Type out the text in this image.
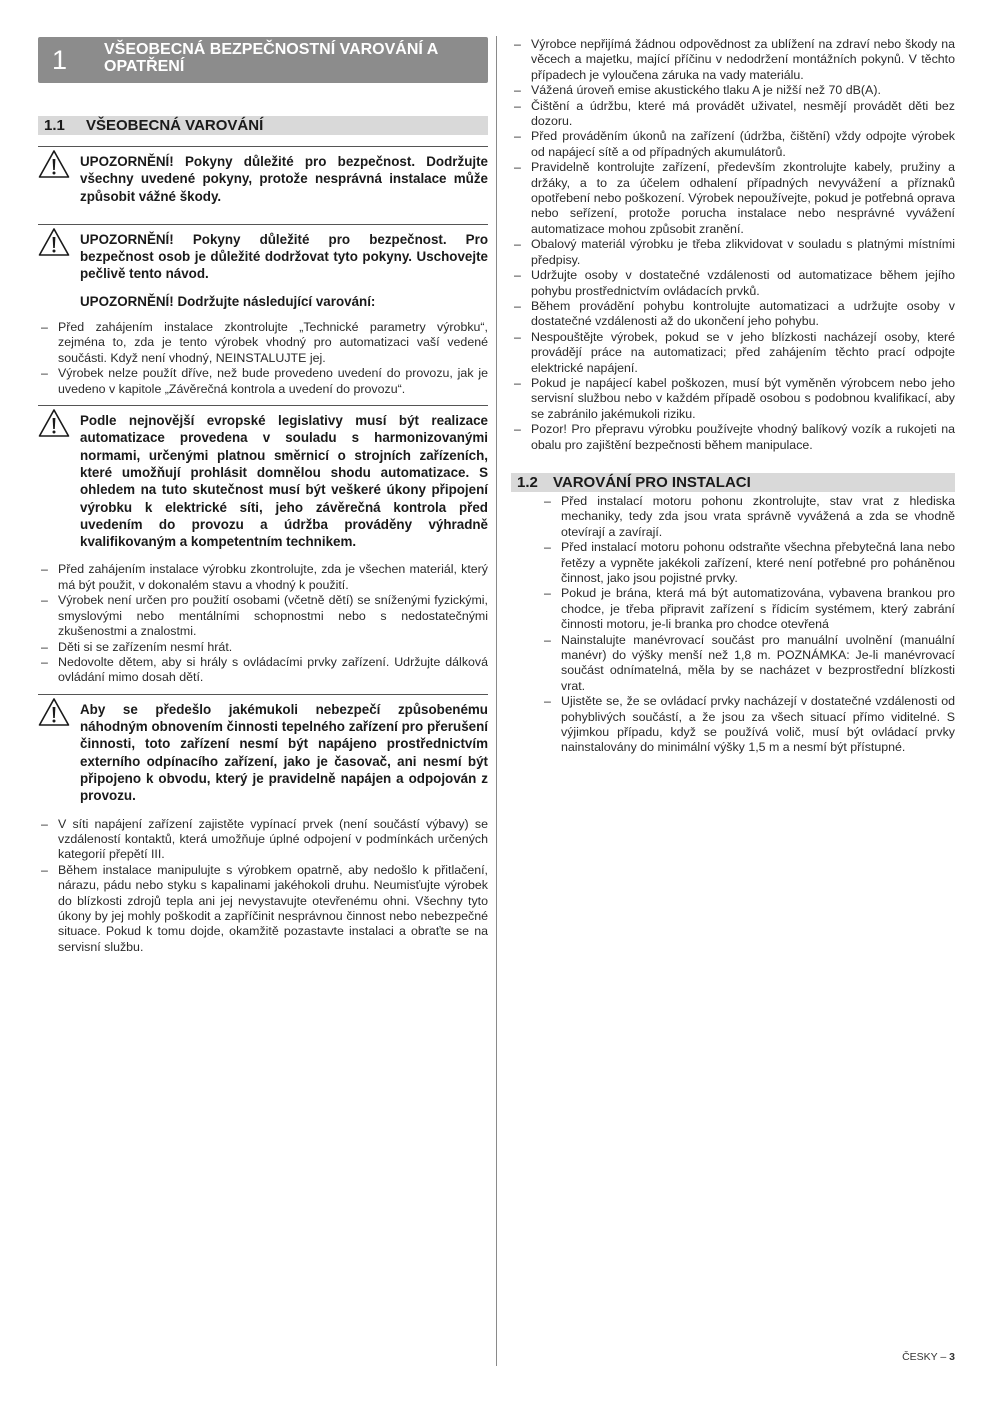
1 VŠEOBECNÁ BEZPEČNOSTNÍ VAROVÁNÍ A OPATŘENÍ
1.1 VŠEOBECNÁ VAROVÁNÍ

UPOZORNĚNÍ! Pokyny důležité pro bezpečnost. Dodržujte všechny uvedené pokyny, protože nesprávná instalace může způsobit vážné škody.

UPOZORNĚNÍ! Pokyny důležité pro bezpečnost. Pro bezpečnost osob je důležité dodržovat tyto pokyny. Uschovejte pečlivě tento návod.

UPOZORNĚNÍ! Dodržujte následující varování:

– Před zahájením instalace zkontrolujte „Technické parametry výrobku“, zejména to, zda je tento výrobek vhodný pro automatizaci vaší vedené součásti. Když není vhodný, NEINSTALUJTE jej.
– Výrobek nelze použít dříve, než bude provedeno uvedení do provozu, jak je uvedeno v kapitole „Závěrečná kontrola a uvedení do provozu“.

Podle nejnovější evropské legislativy musí být realizace automatizace provedena v souladu s harmonizovanými normami, určenými platnou směrnicí o strojních zařízeních, které umožňují prohlásit domnělou shodu automatizace. S ohledem na tuto skutečnost musí být veškeré úkony připojení výrobku k elektrické síti, jeho závěrečná kontrola před uvedením do provozu a údržba prováděny výhradně kvalifikovaným a kompetentním technikem.

– Před zahájením instalace výrobku zkontrolujte, zda je všechen materiál, který má být použit, v dokonalém stavu a vhodný k použití.
– Výrobek není určen pro použití osobami (včetně dětí) se sníženými fyzickými, smyslovými nebo mentálními schopnostmi nebo s nedostatečnými zkušenostmi a znalostmi.
– Děti si se zařízením nesmí hrát.
– Nedovolte dětem, aby si hrály s ovládacími prvky zařízení. Udržujte dálková ovládání mimo dosah dětí.

Aby se předešlo jakémukoli nebezpečí způsobenému náhodným obnovením činnosti tepelného zařízení pro přerušení činnosti, toto zařízení nesmí být napájeno prostřednictvím externího odpínacího zařízení, jako je časovač, ani nesmí být připojeno k obvodu, který je pravidelně napájen a odpojován z provozu.

– V síti napájení zařízení zajistěte vypínací prvek (není součástí výbavy) se vzdáleností kontaktů, která umožňuje úplné odpojení v podmínkách určených kategorií přepětí III.
– Během instalace manipulujte s výrobkem opatrně, aby nedošlo k přitlačení, nárazu, pádu nebo styku s kapalinami jakéhokoli druhu. Neumisťujte výrobek do blízkosti zdrojů tepla ani jej nevystavujte otevřenému ohni. Všechny tyto úkony by jej mohly poškodit a zapříčinit nesprávnou činnost nebo nebezpečné situace. Pokud k tomu dojde, okamžitě pozastavte instalaci a obraťte se na servisní službu.
– Výrobce nepřijímá žádnou odpovědnost za ublížení na zdraví nebo škody na věcech a majetku, mající příčinu v nedodržení montážních pokynů. V těchto případech je vyloučena záruka na vady materiálu.
– Vážená úroveň emise akustického tlaku A je nižší než 70 dB(A).
– Čištění a údržbu, které má provádět uživatel, nesmějí provádět děti bez dozoru.
– Před prováděním úkonů na zařízení (údržba, čištění) vždy odpojte výrobek od napájecí sítě a od případných akumulátorů.
– Pravidelně kontrolujte zařízení, především zkontrolujte kabely, pružiny a držáky, a to za účelem odhalení případných nevyvážení a příznaků opotřebení nebo poškození. Výrobek nepoužívejte, pokud je potřebná oprava nebo seřízení, protože porucha instalace nebo nesprávné vyvážení automatizace mohou způsobit zranění.
– Obalový materiál výrobku je třeba zlikvidovat v souladu s platnými místními předpisy.
– Udržujte osoby v dostatečné vzdálenosti od automatizace během jejího pohybu prostřednictvím ovládacích prvků.
– Během provádění pohybu kontrolujte automatizaci a udržujte osoby v dostatečné vzdálenosti až do ukončení jeho pohybu.
– Nespouštějte výrobek, pokud se v jeho blízkosti nacházejí osoby, které provádějí práce na automatizaci; před zahájením těchto prací odpojte elektrické napájení.
– Pokud je napájecí kabel poškozen, musí být vyměněn výrobcem nebo jeho servisní službou nebo v každém případě osobou s podobnou kvalifikací, aby se zabránilo jakémukoli riziku.
– Pozor! Pro přepravu výrobku používejte vhodný balíkový vozík a rukojeti na obalu pro zajištění bezpečnosti během manipulace.
1.2 VAROVÁNÍ PRO INSTALACI
– Před instalací motoru pohonu zkontrolujte, stav vrat z hlediska mechaniky, tedy zda jsou vrata správně vyvážená a zda se vhodně otevírají a zavírají.
– Před instalací motoru pohonu odstraňte všechna přebytečná lana nebo řetězy a vypněte jakékoli zařízení, které není potřebné pro poháněnou činnost, jako jsou pojistné prvky.
– Pokud je brána, která má být automatizována, vybavena brankou pro chodce, je třeba připravit zařízení s řídicím systémem, který zabrání činnosti motoru, je-li branka pro chodce otevřená
– Nainstalujte manévrovací součást pro manuální uvolnění (manuální manévr) do výšky menší než 1,8 m. POZNÁMKA: Je-li manévrovací součást odnímatelná, měla by se nacházet v bezprostřední blízkosti vrat.
– Ujistěte se, že se ovládací prvky nacházejí v dostatečné vzdálenosti od pohyblivých součástí, a že jsou za všech situací přímo viditelné. S výjimkou případu, když se používá volič, musí být ovládací prvky nainstalovány do minimální výšky 1,5 m a nesmí být přístupné.
ČESKY – 3
